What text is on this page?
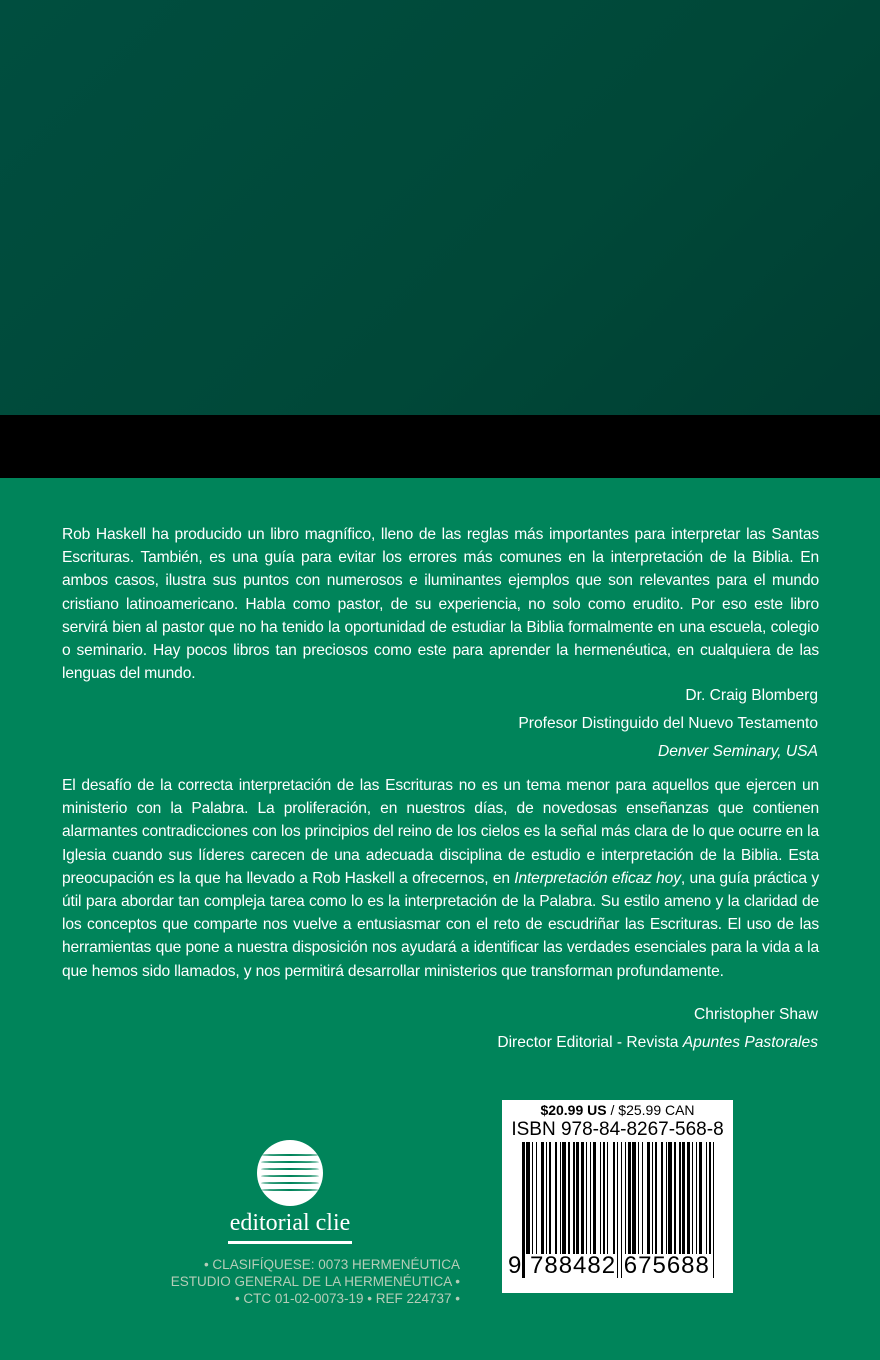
Rob Haskell ha producido un libro magnífico, lleno de las reglas más importantes para interpretar las Santas Escrituras. También, es una guía para evitar los errores más comunes en la interpretación de la Biblia. En ambos casos, ilustra sus puntos con numerosos e iluminantes ejemplos que son relevantes para el mundo cristiano latinoamericano. Habla como pastor, de su experiencia, no solo como erudito. Por eso este libro servirá bien al pastor que no ha tenido la oportunidad de estudiar la Biblia formalmente en una escuela, colegio o seminario. Hay pocos libros tan preciosos como este para aprender la hermenéutica, en cualquiera de las lenguas del mundo.

Dr. Craig Blomberg
Profesor Distinguido del Nuevo Testamento
Denver Seminary, USA

El desafío de la correcta interpretación de las Escrituras no es un tema menor para aquellos que ejercen un ministerio con la Palabra. La proliferación, en nuestros días, de novedosas enseñanzas que contienen alarmantes contradicciones con los principios del reino de los cielos es la señal más clara de lo que ocurre en la Iglesia cuando sus líderes carecen de una adecuada disciplina de estudio e interpretación de la Biblia. Esta preocupación es la que ha llevado a Rob Haskell a ofrecernos, en Interpretación eficaz hoy, una guía práctica y útil para abordar tan compleja tarea como lo es la interpretación de la Palabra. Su estilo ameno y la claridad de los conceptos que comparte nos vuelve a entusiasmar con el reto de escudriñar las Escrituras. El uso de las herramientas que pone a nuestra disposición nos ayudará a identificar las verdades esenciales para la vida a la que hemos sido llamados, y nos permitirá desarrollar ministerios que transforman profundamente.

Christopher Shaw
Director Editorial - Revista Apuntes Pastorales
editorial clie
• CLASIFÍQUESE: 0073 HERMENÉUTICA
ESTUDIO GENERAL DE LA HERMENÉUTICA •
• CTC 01-02-0073-19 • REF 224737 •
$20.99 US / $25.99 CAN
ISBN 978-84-8267-568-8
9 788482 675688
